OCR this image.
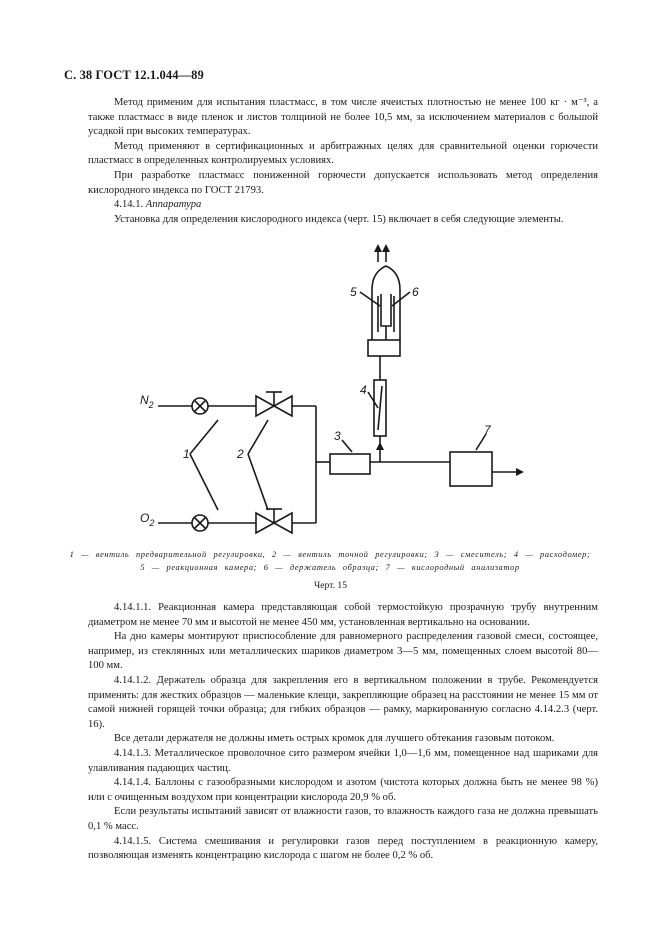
С. 38 ГОСТ 12.1.044—89

Метод применим для испытания пластмасс, в том числе ячеистых плотностью не менее 100 кг · м⁻³, а также пластмасс в виде пленок и листов толщиной не более 10,5 мм, за исключением материалов с большой усадкой при высоких температурах.

Метод применяют в сертификационных и арбитражных целях для сравнительной оценки горючести пластмасс в определенных контролируемых условиях.

При разработке пластмасс пониженной горючести допускается использовать метод определения кислородного индекса по ГОСТ 21793.

4.14.1. Аппаратура

Установка для определения кислородного индекса (черт. 15) включает в себя следующие элементы.

$N_2$
$O_2$
1	2
3
4
5	6
7
1 — вентиль предварительной регулировки, 2 — вентиль точной регулировки; 3 — смеситель; 4 — расходомер;
5 — реакционная камера; 6 — держатель образца; 7 — кислородный анализатор
Черт. 15

4.14.1.1. Реакционная камера представляющая собой термостойкую прозрачную трубу внутренним диаметром не менее 70 мм и высотой не менее 450 мм, установленная вертикально на основании.

На дно камеры монтируют приспособление для равномерного распределения газовой смеси, состоящее, например, из стеклянных или металлических шариков диаметром 3—5 мм, помещенных слоем высотой 80—100 мм.

4.14.1.2. Держатель образца для закрепления его в вертикальном положении в трубе. Рекомендуется применять: для жестких образцов — маленькие клещи, закрепляющие образец на расстоянии не менее 15 мм от самой нижней горящей точки образца; для гибких образцов — рамку, маркированную согласно 4.14.2.3 (черт. 16).

Все детали держателя не должны иметь острых кромок для лучшего обтекания газовым потоком.

4.14.1.3. Металлическое проволочное сито размером ячейки 1,0—1,6 мм, помещенное над шариками для улавливания падающих частиц.

4.14.1.4. Баллоны с газообразными кислородом и азотом (чистота которых должна быть не менее 98 %) или с очищенным воздухом при концентрации кислорода 20,9 % об.

Если результаты испытаний зависят от влажности газов, то влажность каждого газа не должна превышать 0,1 % масс.

4.14.1.5. Система смешивания и регулировки газов перед поступлением в реакционную камеру, позволяющая изменять концентрацию кислорода с шагом не более 0,2 % об.
